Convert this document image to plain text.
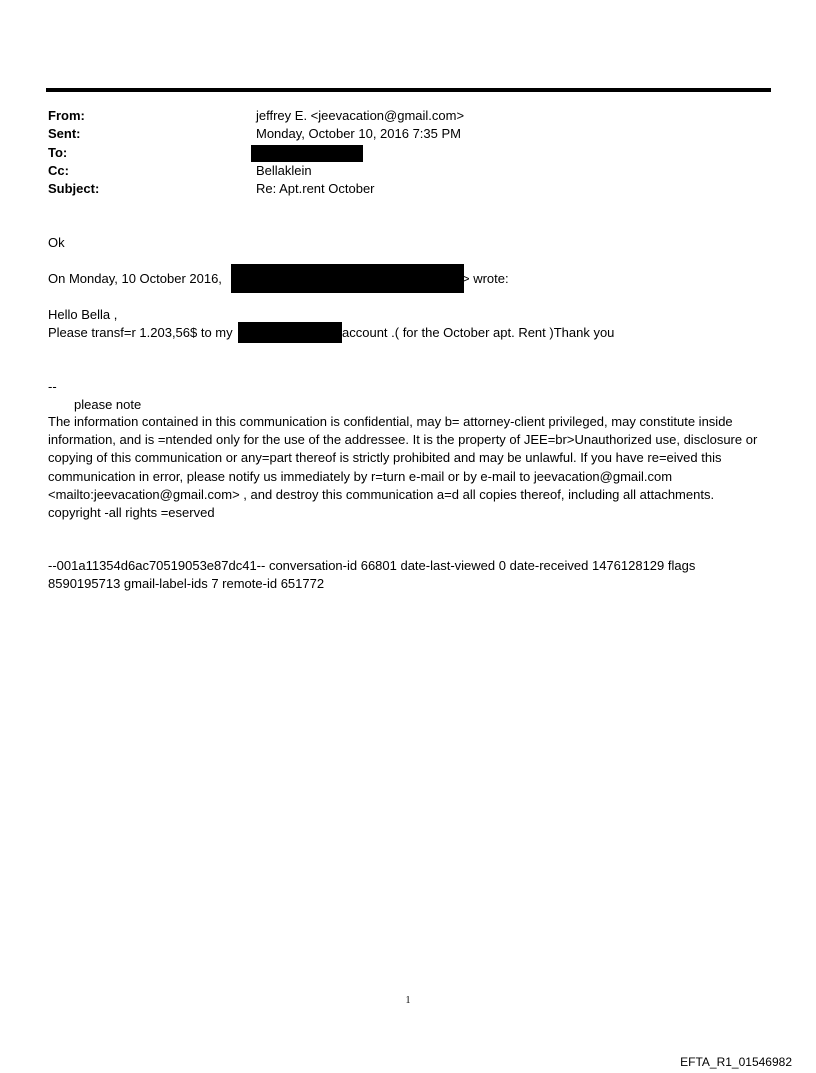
From:	jeffrey E. <jeevacation@gmail.com>
Sent:	Monday, October 10, 2016 7:35 PM
To:
Cc:	Bellaklein
Subject:	Re: Apt.rent October
Ok
On Monday, 10 October 2016,	> wrote:
Hello Bella ,
Please transf=r 1.203,56$ to my	account .( for the October apt. Rent )Thank you
--
please note

The information contained in this communication is confidential, may b= attorney-client privileged, may constitute inside information, and is =ntended only for the use of the addressee. It is the property of JEE=br>Unauthorized use, disclosure or copying of this communication or any=part thereof is strictly prohibited and may be unlawful. If you have re=eived this communication in error, please notify us immediately by r=turn e-mail or by e-mail to jeevacation@gmail.com <mailto:jeevacation@gmail.com> , and destroy this communication a=d all copies thereof, including all attachments. copyright -all rights =eserved

--001a11354d6ac70519053e87dc41-- conversation-id 66801 date-last-viewed 0 date-received 1476128129 flags 8590195713 gmail-label-ids 7 remote-id 651772

1
EFTA_R1_01546982
